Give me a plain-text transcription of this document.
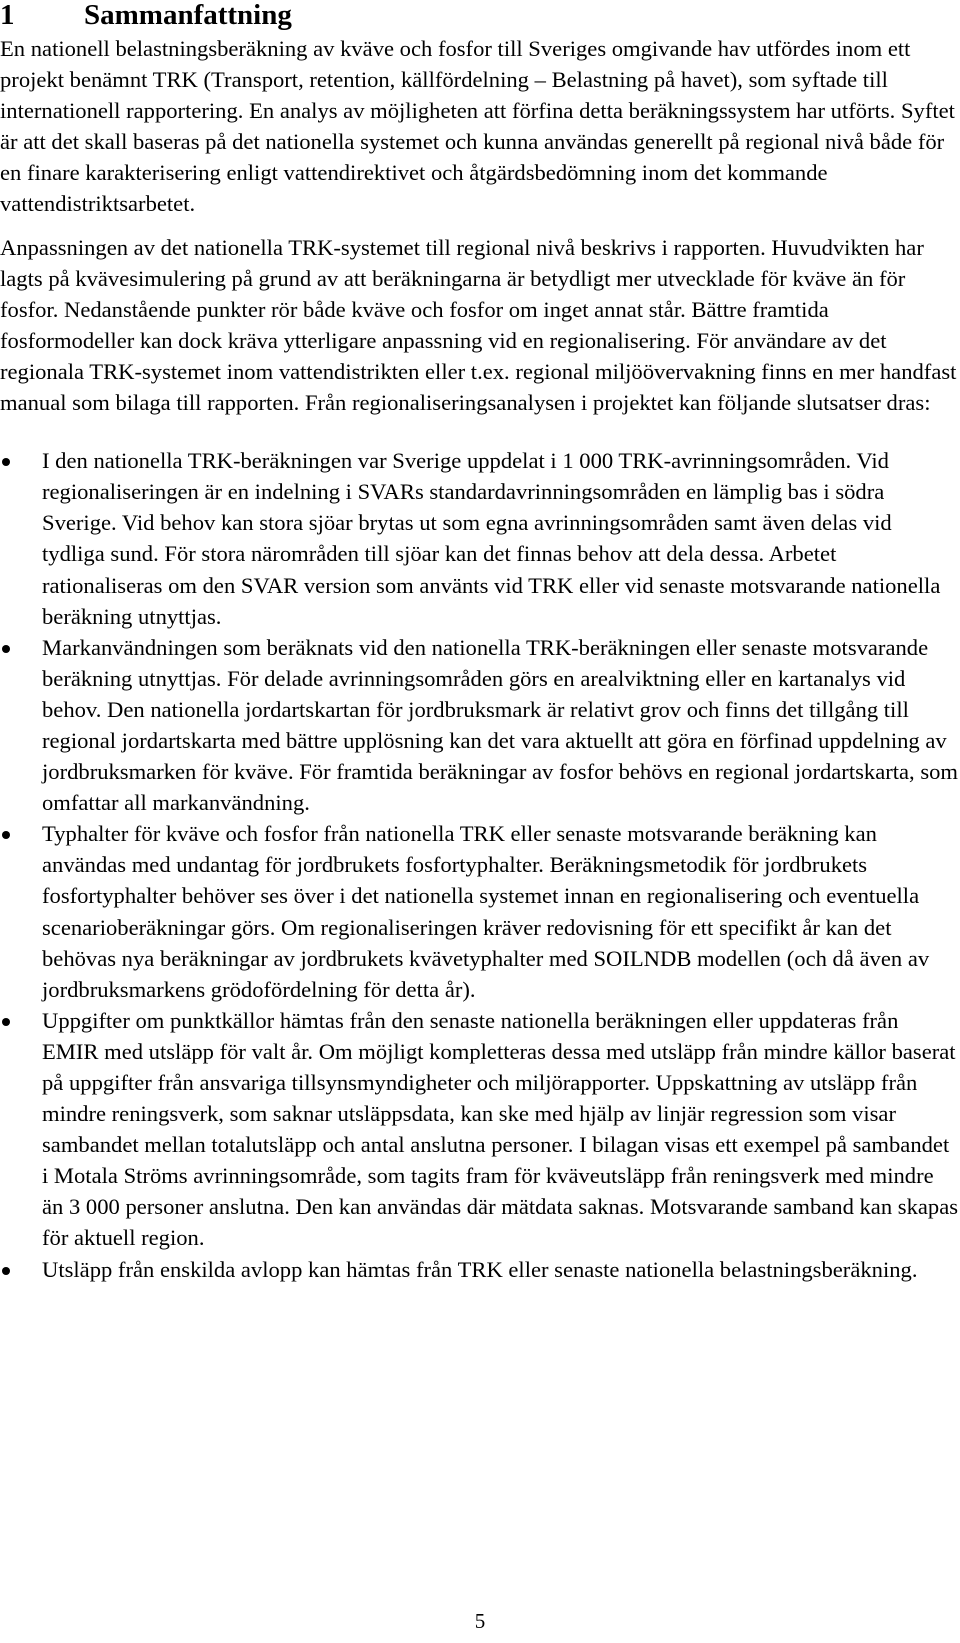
1 Sammanfattning

En nationell belastningsberäkning av kväve och fosfor till Sveriges omgivande hav utfördes inom ett projekt benämnt TRK (Transport, retention, källfördelning – Belastning på havet), som syftade till internationell rapportering. En analys av möjligheten att förfina detta beräkningssystem har utförts. Syftet är att det skall baseras på det nationella systemet och kunna användas generellt på regional nivå både för en finare karakterisering enligt vattendirektivet och åtgärdsbedömning inom det kommande vattendistriktsarbetet.

Anpassningen av det nationella TRK-systemet till regional nivå beskrivs i rapporten. Huvudvikten har lagts på kvävesimulering på grund av att beräkningarna är betydligt mer utvecklade för kväve än för fosfor. Nedanstående punkter rör både kväve och fosfor om inget annat står. Bättre framtida fosformodeller kan dock kräva ytterligare anpassning vid en regionalisering. För användare av det regionala TRK-systemet inom vattendistrikten eller t.ex. regional miljöövervakning finns en mer handfast manual som bilaga till rapporten. Från regionaliseringsanalysen i projektet kan följande slutsatser dras:

I den nationella TRK-beräkningen var Sverige uppdelat i 1 000 TRK-avrinningsområden. Vid regionaliseringen är en indelning i SVARs standardavrinningsområden en lämplig bas i södra Sverige. Vid behov kan stora sjöar brytas ut som egna avrinningsområden samt även delas vid tydliga sund. För stora närområden till sjöar kan det finnas behov att dela dessa. Arbetet rationaliseras om den SVAR version som använts vid TRK eller vid senaste motsvarande nationella beräkning utnyttjas.
Markanvändningen som beräknats vid den nationella TRK-beräkningen eller senaste motsvarande beräkning utnyttjas. För delade avrinningsområden görs en arealviktning eller en kartanalys vid behov. Den nationella jordartskartan för jordbruksmark är relativt grov och finns det tillgång till regional jordartskarta med bättre upplösning kan det vara aktuellt att göra en förfinad uppdelning av jordbruksmarken för kväve. För framtida beräkningar av fosfor behövs en regional jordartskarta, som omfattar all markanvändning.
Typhalter för kväve och fosfor från nationella TRK eller senaste motsvarande beräkning kan användas med undantag för jordbrukets fosfortyphalter. Beräkningsmetodik för jordbrukets fosfortyphalter behöver ses över i det nationella systemet innan en regionalisering och eventuella scenarioberäkningar görs. Om regionaliseringen kräver redovisning för ett specifikt år kan det behövas nya beräkningar av jordbrukets kvävetyphalter med SOILNDB modellen (och då även av jordbruksmarkens grödofördelning för detta år).
Uppgifter om punktkällor hämtas från den senaste nationella beräkningen eller uppdateras från EMIR med utsläpp för valt år. Om möjligt kompletteras dessa med utsläpp från mindre källor baserat på uppgifter från ansvariga tillsynsmyndigheter och miljörapporter. Uppskattning av utsläpp från mindre reningsverk, som saknar utsläppsdata, kan ske med hjälp av linjär regression som visar sambandet mellan totalutsläpp och antal anslutna personer. I bilagan visas ett exempel på sambandet i Motala Ströms avrinningsområde, som tagits fram för kväveutsläpp från reningsverk med mindre än 3 000 personer anslutna. Den kan användas där mätdata saknas. Motsvarande samband kan skapas för aktuell region.
Utsläpp från enskilda avlopp kan hämtas från TRK eller senaste nationella belastningsberäkning.
5
